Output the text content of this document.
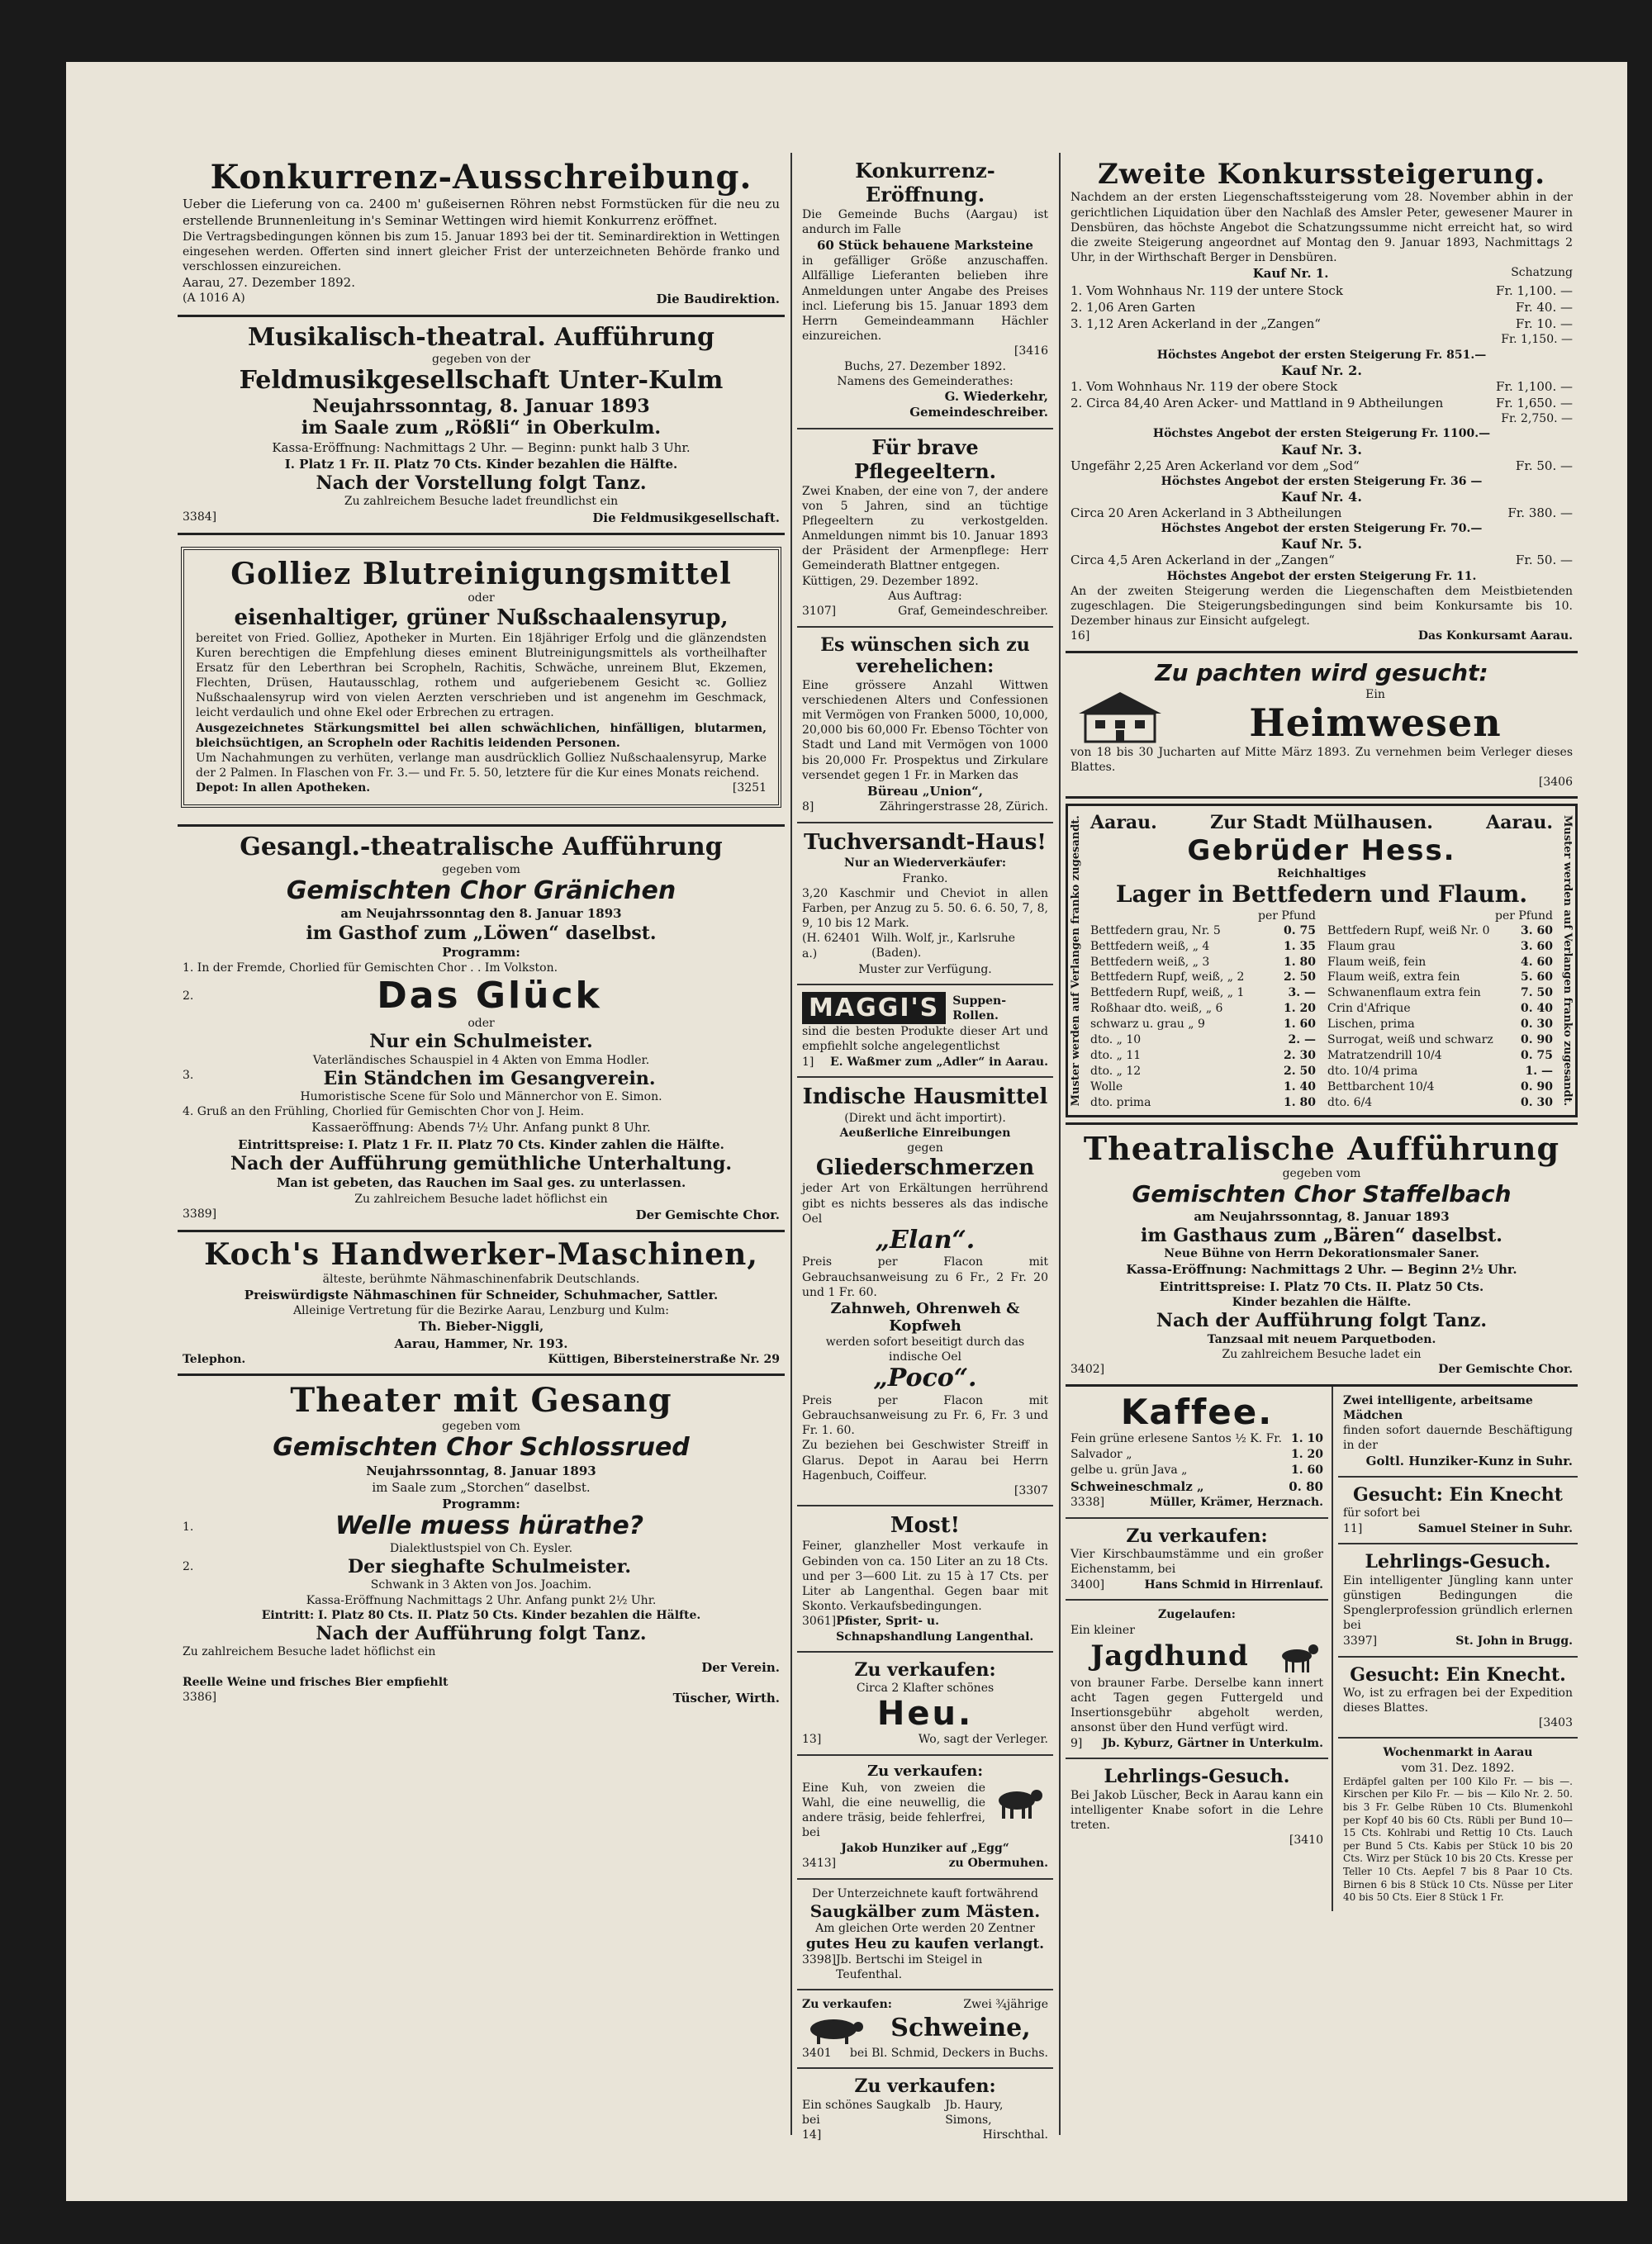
Konkurrenz-Ausschreibung.
Ueber die Lieferung von ca. 2400 m' gußeisernen Röhren nebst Formstücken für die neu zu erstellende Brunnenleitung in's Seminar Wettingen wird hiemit Konkurrenz eröffnet.
Die Vertragsbedingungen können bis zum 15. Januar 1893 bei der tit. Seminardirektion in Wettingen eingesehen werden. Offerten sind innert gleicher Frist der unterzeichneten Behörde franko und verschlossen einzureichen.
Aarau, 27. Dezember 1892.
(A 1016 A)	Die Baudirektion.
Musikalisch-theatral. Aufführung
gegeben von der
Feldmusikgesellschaft Unter-Kulm
Neujahrssonntag, 8. Januar 1893
im Saale zum „Rößli“ in Oberkulm.
Kassa-Eröffnung: Nachmittags 2 Uhr. — Beginn: punkt halb 3 Uhr.
I. Platz 1 Fr. II. Platz 70 Cts. Kinder bezahlen die Hälfte.
Nach der Vorstellung folgt Tanz.
Zu zahlreichem Besuche ladet freundlichst ein
3384]	Die Feldmusikgesellschaft.
Golliez Blutreinigungsmittel
oder
eisenhaltiger, grüner Nußschaalensyrup,
bereitet von Fried. Golliez, Apotheker in Murten. Ein 18jähriger Erfolg und die glänzendsten Kuren berechtigen die Empfehlung dieses eminent Blutreinigungsmittels als vortheilhafter Ersatz für den Leberthran bei Scropheln, Rachitis, Schwäche, unreinem Blut, Ekzemen, Flechten, Drüsen, Hautausschlag, rothem und aufgeriebenem Gesicht ꝛc. Golliez Nußschaalensyrup wird von vielen Aerzten verschrieben und ist angenehm im Geschmack, leicht verdaulich und ohne Ekel oder Erbrechen zu ertragen.
Ausgezeichnetes Stärkungsmittel bei allen schwächlichen, hinfälligen, blutarmen, bleichsüchtigen, an Scropheln oder Rachitis leidenden Personen.
Um Nachahmungen zu verhüten, verlange man ausdrücklich Golliez Nußschaalensyrup, Marke der 2 Palmen. In Flaschen von Fr. 3.— und Fr. 5. 50, letztere für die Kur eines Monats reichend.
Depot: In allen Apotheken.	[3251
Gesangl.-theatralische Aufführung
gegeben vom
Gemischten Chor Gränichen
am Neujahrssonntag den 8. Januar 1893
im Gasthof zum „Löwen“ daselbst.
Programm:
1. In der Fremde, Chorlied für Gemischten Chor . . Im Volkston.
2.	Das Glück
oder
Nur ein Schulmeister.
Vaterländisches Schauspiel in 4 Akten von Emma Hodler.
3.	Ein Ständchen im Gesangverein.
Humoristische Scene für Solo und Männerchor von E. Simon.
4. Gruß an den Frühling, Chorlied für Gemischten Chor von J. Heim.
Kassaeröffnung: Abends 7½ Uhr. Anfang punkt 8 Uhr.
Eintrittspreise: I. Platz 1 Fr. II. Platz 70 Cts. Kinder zahlen die Hälfte.
Nach der Aufführung gemüthliche Unterhaltung.
Man ist gebeten, das Rauchen im Saal ges. zu unterlassen.
Zu zahlreichem Besuche ladet höflichst ein
3389]	Der Gemischte Chor.
Koch's Handwerker-Maschinen,
älteste, berühmte Nähmaschinenfabrik Deutschlands.
Preiswürdigste Nähmaschinen für Schneider, Schuhmacher, Sattler.
Alleinige Vertretung für die Bezirke Aarau, Lenzburg und Kulm:
Th. Bieber-Niggli,
Aarau, Hammer, Nr. 193.
Telephon.	Küttigen, Biberstein​erstraße Nr. 29
Theater mit Gesang
gegeben vom
Gemischten Chor Schlossrued
Neujahrssonntag, 8. Januar 1893
im Saale zum „Storchen“ daselbst.
Programm:
1.	Welle muess hürathe?
Dialektlustspiel von Ch. Eysler.
2.	Der sieghafte Schulmeister.
Schwank in 3 Akten von Jos. Joachim.
Kassa-Eröffnung Nachmittags 2 Uhr. Anfang punkt 2½ Uhr.
Eintritt: I. Platz 80 Cts. II. Platz 50 Cts. Kinder bezahlen die Hälfte.
Nach der Aufführung folgt Tanz.
Zu zahlreichem Besuche ladet höflichst ein
Der Verein.
Reelle Weine und frisches Bier empfiehlt
3386]	Tüscher, Wirth.
Konkurrenz-Eröffnung.
Die Gemeinde Buchs (Aargau) ist andurch im Falle
60 Stück behauene Marksteine
in gefälliger Größe anzuschaffen. Allfällige Lieferanten belieben ihre Anmeldungen unter Angabe des Preises incl. Lieferung bis 15. Januar 1893 dem Herrn Gemeindeammann Hächler einzureichen.
[3416
Buchs, 27. Dezember 1892.
Namens des Gemeinderathes:
G. Wiederkehr, Gemeindeschreiber.
Für brave Pflegeeltern.
Zwei Knaben, der eine von 7, der andere von 5 Jahren, sind an tüchtige Pflegeeltern zu verkostgelden. Anmeldungen nimmt bis 10. Januar 1893 der Präsident der Armenpflege: Herr Gemeinderath Blattner entgegen.
Küttigen, 29. Dezember 1892.
Aus Auftrag:
3107]	Graf, Gemeindeschreiber.
Es wünschen sich zu verehelichen:
Eine grössere Anzahl Wittwen verschiedenen Alters und Confessionen mit Vermögen von Franken 5000, 10,000, 20,000 bis 60,000 Fr. Ebenso Töchter von Stadt und Land mit Vermögen von 1000 bis 20,000 Fr. Prospektus und Zirkulare versendet gegen 1 Fr. in Marken das
Büreau „Union“,
8]	Zähringerstrasse 28, Zürich.
Tuchversandt-Haus!
Nur an Wiederverkäufer:
Franko.
3,20 Kaschmir und Cheviot in allen Farben, per Anzug zu 5. 50. 6. 6. 50, 7, 8, 9, 10 bis 12 Mark.
(H. 62401 a.)
Wilh. Wolf, jr., Karlsruhe (Baden).
Muster zur Verfügung.
MAGGI'S	Suppen-Rollen.
sind die besten Produkte dieser Art und empfiehlt solche angelegentlichst
1] E. Waßmer zum „Adler“ in Aarau.
Indische Hausmittel
(Direkt und ächt importirt).
Aeußerliche Einreibungen
gegen
Gliederschmerzen
jeder Art von Erkältungen herrührend gibt es nichts besseres als das indische Oel
„Elan“.
Preis per Flacon mit Gebrauchsanweisung zu 6 Fr., 2 Fr. 20 und 1 Fr. 60.
Zahnweh, Ohrenweh & Kopfweh
werden sofort beseitigt durch das indische Oel
„Poco“.
Preis per Flacon mit Gebrauchsanweisung zu Fr. 6, Fr. 3 und Fr. 1. 60.
Zu beziehen bei Geschwister Streiff in Glarus. Depot in Aarau bei Herrn Hagenbuch, Coiffeur.
[3307
Most!
Feiner, glanzheller Most verkaufe in Gebinden von ca. 150 Liter an zu 18 Cts. und per 3—600 Lit. zu 15 à 17 Cts. per Liter ab Langenthal. Gegen baar mit Skonto. Verkaufsbedingungen.
3061] Pfister, Sprit- u. Schnapshandlung Langenthal.
Zu verkaufen:
Circa 2 Klafter schönes
Heu.
13]	Wo, sagt der Verleger.
Zu verkaufen:
Eine Kuh, von zweien die Wahl, die eine neuwellig, die andere träsig, beide fehlerfrei, bei
Jakob Hunziker auf „Egg“
3413]	zu Obermuhen.
Der Unterzeichnete kauft fortwährend
Saugkälber zum Mästen.
Am gleichen Orte werden 20 Zentner
gutes Heu zu kaufen verlangt.
3398] Jb. Bertschi im Steigel in Teufenthal.
Zu verkaufen:	Zwei ¾jährige
Schweine,
3401 bei Bl. Schmid, Deckers in Buchs.
Zu verkaufen:
Ein schönes Saugkalb bei
Jb. Haury, Simons,
14]	Hirschthal.
Zweite Konkurssteigerung.
Nachdem an der ersten Liegenschaftssteigerung vom 28. November abhin in der gerichtlichen Liquidation über den Nachlaß des Amsler Peter, gewesener Maurer in Densbüren, das höchste Angebot die Schatzungssumme nicht erreicht hat, so wird die zweite Steigerung angeordnet auf Montag den 9. Januar 1893, Nachmittags 2 Uhr, in der Wirthschaft Berger in Densbüren.
Kauf Nr. 1.	Schatzung
1. Vom Wohnhaus Nr. 119 der untere Stock	Fr. 1,100. —
2. 1,06 Aren Garten	Fr. 40. —
3. 1,12 Aren Ackerland in der „Zangen“	Fr. 10. —
Fr. 1,150. —
Höchstes Angebot der ersten Steigerung Fr. 851.—
Kauf Nr. 2.
1. Vom Wohnhaus Nr. 119 der obere Stock	Fr. 1,100. —
2. Circa 84,40 Aren Acker- und Mattland in 9 Abtheilungen	Fr. 1,650. —
Fr. 2,750. —
Höchstes Angebot der ersten Steigerung Fr. 1100.—
Kauf Nr. 3.
Ungefähr 2,25 Aren Ackerland vor dem „Sod“	Fr. 50. —
Höchstes Angebot der ersten Steigerung Fr. 36 —
Kauf Nr. 4.
Circa 20 Aren Ackerland in 3 Abtheilungen	Fr. 380. —
Höchstes Angebot der ersten Steigerung Fr. 70.—
Kauf Nr. 5.
Circa 4,5 Aren Ackerland in der „Zangen“	Fr. 50. —
Höchstes Angebot der ersten Steigerung Fr. 11.
An der zweiten Steigerung werden die Liegenschaften dem Meistbietenden zugeschlagen. Die Steigerungsbedingungen sind beim Konkursamte bis 10. Dezember hinaus zur Einsicht aufgelegt.
16]	Das Konkursamt Aarau.
Zu pachten wird gesucht:
Ein
Heimwesen
von 18 bis 30 Jucharten auf Mitte März 1893. Zu vernehmen beim Verleger dieses Blattes.
[3406
Muster werden auf Verlangen franko zugesandt. Aarau.	Zur Stadt Mülhausen.	Aarau.
Gebrüder Hess.
Reichhaltiges
Lager in Bettfedern und Flaum.
per Pfund
Bettfedern grau, Nr. 5	0. 75
Bettfedern weiß, „ 4	1. 35
Bettfedern weiß, „ 3	1. 80
Bettfedern Rupf, weiß, „ 2	2. 50
Bettfedern Rupf, weiß, „ 1	3. —
Roßhaar dto. weiß, „ 6	1. 20
schwarz u. grau „ 9	1. 60
dto. „ 10	2. —
dto. „ 11	2. 30
dto. „ 12	2. 50
Wolle	1. 40
dto. prima	1. 80
per Pfund
Bettfedern Rupf, weiß Nr. 0	3. 60
Flaum grau	3. 60
Flaum weiß, fein	4. 60
Flaum weiß, extra fein	5. 60
Schwanenflaum extra fein	7. 50
Crin d'Afrique	0. 40
Lischen, prima	0. 30
Surrogat, weiß und schwarz 0. 90
Matratzendrill 10/4	0. 75
dto. 10/4 prima	1. —
Bettbarchent 10/4	0. 90
dto. 6/4	0. 30 Muster werden auf Verlangen franko zugesandt.
Theatralische Aufführung
gegeben vom
Gemischten Chor Staffelbach
am Neujahrssonntag, 8. Januar 1893
im Gasthaus zum „Bären“ daselbst.
Neue Bühne von Herrn Dekorationsmaler Saner.
Kassa-Eröffnung: Nachmittags 2 Uhr. — Beginn 2½ Uhr.
Eintrittspreise: I. Platz 70 Cts. II. Platz 50 Cts.
Kinder bezahlen die Hälfte.
Nach der Aufführung folgt Tanz.
Tanzsaal mit neuem Parquetboden.
Zu zahlreichem Besuche ladet ein
3402]	Der Gemischte Chor.
Kaffee.
Fein grüne erlesene Santos ½ K. Fr. 1. 10
Salvador „	1. 20
gelbe u. grün Java „	1. 60
Schweineschmalz „	0. 80
3338]	Müller, Krämer, Herznach.
Zu verkaufen:
Vier Kirschbaumstämme und ein großer Eichenstamm, bei
3400]	Hans Schmid in Hirrenlauf.
Zugelaufen:
Ein kleiner
Jagdhund
von brauner Farbe. Derselbe kann innert acht Tagen gegen Futtergeld und Insertionsgebühr abgeholt werden, ansonst über den Hund verfügt wird.
9] Jb. Kyburz, Gärtner in Unterkulm.
Lehrlings-Gesuch.
Bei Jakob Lüscher, Beck in Aarau kann ein intelligenter Knabe sofort in die Lehre treten.
[3410
Zwei intelligente, arbeitsame Mädchen
finden sofort dauernde Beschäftigung in der
Goltl. Hunziker-Kunz in Suhr.
Gesucht: Ein Knecht
für sofort bei
11]	Samuel Steiner in Suhr.
Lehrlings-Gesuch.
Ein intelligenter Jüngling kann unter günstigen Bedingungen die Spenglerprofession gründlich erlernen bei
3397]	St. John in Brugg.
Gesucht: Ein Knecht.
Wo, ist zu erfragen bei der Expedition dieses Blattes.
[3403
Wochenmarkt in Aarau
vom 31. Dez. 1892.
Erdäpfel galten per 100 Kilo Fr. — bis —. Kirschen per Kilo Fr. — bis — Kilo Nr. 2. 50. bis 3 Fr. Gelbe Rüben 10 Cts. Blumenkohl per Kopf 40 bis 60 Cts. Rübli per Bund 10—15 Cts. Kohlrabi und Rettig 10 Cts. Lauch per Bund 5 Cts. Kabis per Stück 10 bis 20 Cts. Wirz per Stück 10 bis 20 Cts. Kresse per Teller 10 Cts. Aepfel 7 bis 8 Paar 10 Cts. Birnen 6 bis 8 Stück 10 Cts. Nüsse per Liter 40 bis 50 Cts. Eier 8 Stück 1 Fr.
